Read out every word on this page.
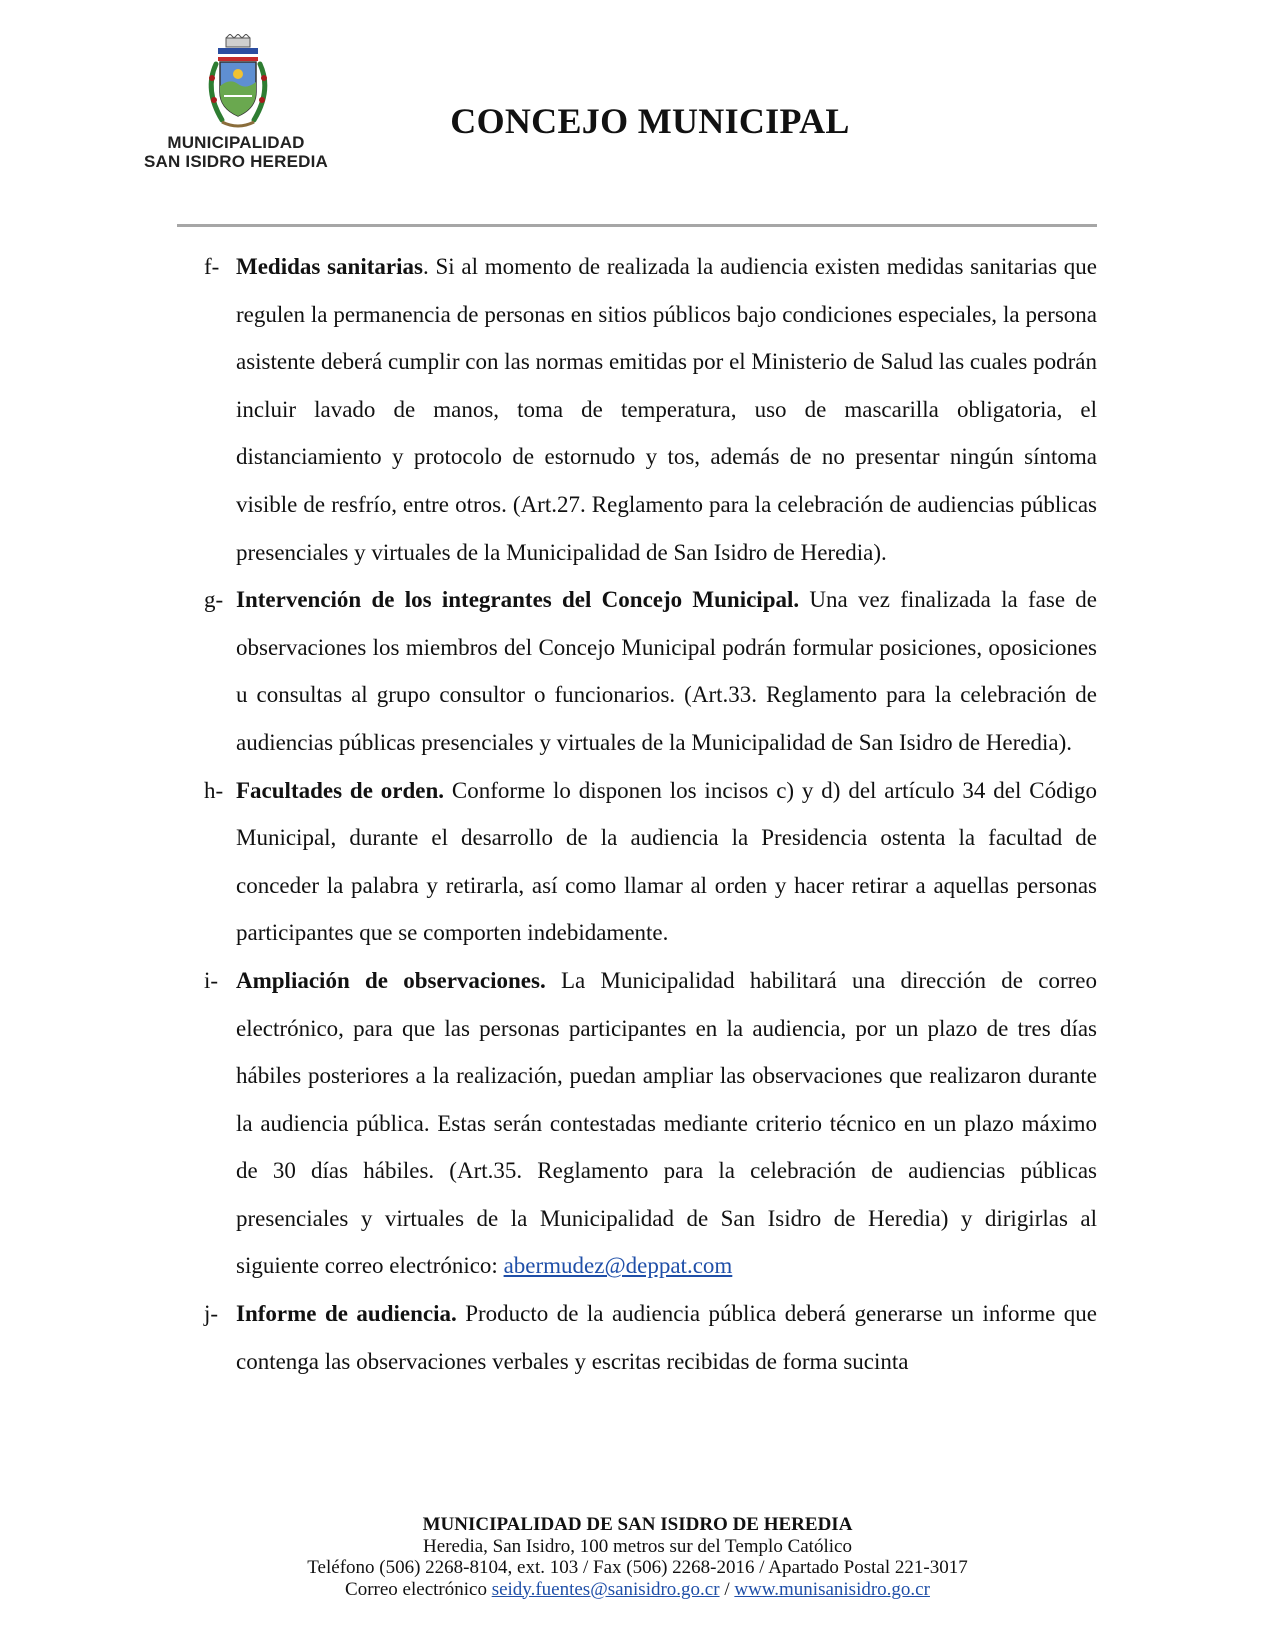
MUNICIPALIDAD
SAN ISIDRO HEREDIA
CONCEJO MUNICIPAL
f- Medidas sanitarias. Si al momento de realizada la audiencia existen medidas sanitarias que regulen la permanencia de personas en sitios públicos bajo condiciones especiales, la persona asistente deberá cumplir con las normas emitidas por el Ministerio de Salud las cuales podrán incluir lavado de manos, toma de temperatura, uso de mascarilla obligatoria, el distanciamiento y protocolo de estornudo y tos, además de no presentar ningún síntoma visible de resfrío, entre otros. (Art.27. Reglamento para la celebración de audiencias públicas presenciales y virtuales de la Municipalidad de San Isidro de Heredia).
g- Intervención de los integrantes del Concejo Municipal. Una vez finalizada la fase de observaciones los miembros del Concejo Municipal podrán formular posiciones, oposiciones u consultas al grupo consultor o funcionarios. (Art.33. Reglamento para la celebración de audiencias públicas presenciales y virtuales de la Municipalidad de San Isidro de Heredia).
h- Facultades de orden. Conforme lo disponen los incisos c) y d) del artículo 34 del Código Municipal, durante el desarrollo de la audiencia la Presidencia ostenta la facultad de conceder la palabra y retirarla, así como llamar al orden y hacer retirar a aquellas personas participantes que se comporten indebidamente.
i- Ampliación de observaciones. La Municipalidad habilitará una dirección de correo electrónico, para que las personas participantes en la audiencia, por un plazo de tres días hábiles posteriores a la realización, puedan ampliar las observaciones que realizaron durante la audiencia pública. Estas serán contestadas mediante criterio técnico en un plazo máximo de 30 días hábiles. (Art.35. Reglamento para la celebración de audiencias públicas presenciales y virtuales de la Municipalidad de San Isidro de Heredia) y dirigirlas al siguiente correo electrónico: abermudez@deppat.com
j- Informe de audiencia. Producto de la audiencia pública deberá generarse un informe que contenga las observaciones verbales y escritas recibidas de forma sucinta
MUNICIPALIDAD DE SAN ISIDRO DE HEREDIA
Heredia, San Isidro, 100 metros sur del Templo Católico
Teléfono (506) 2268-8104, ext. 103 / Fax (506) 2268-2016 / Apartado Postal 221-3017
Correo electrónico seidy.fuentes@sanisidro.go.cr / www.munisanisidro.go.cr
